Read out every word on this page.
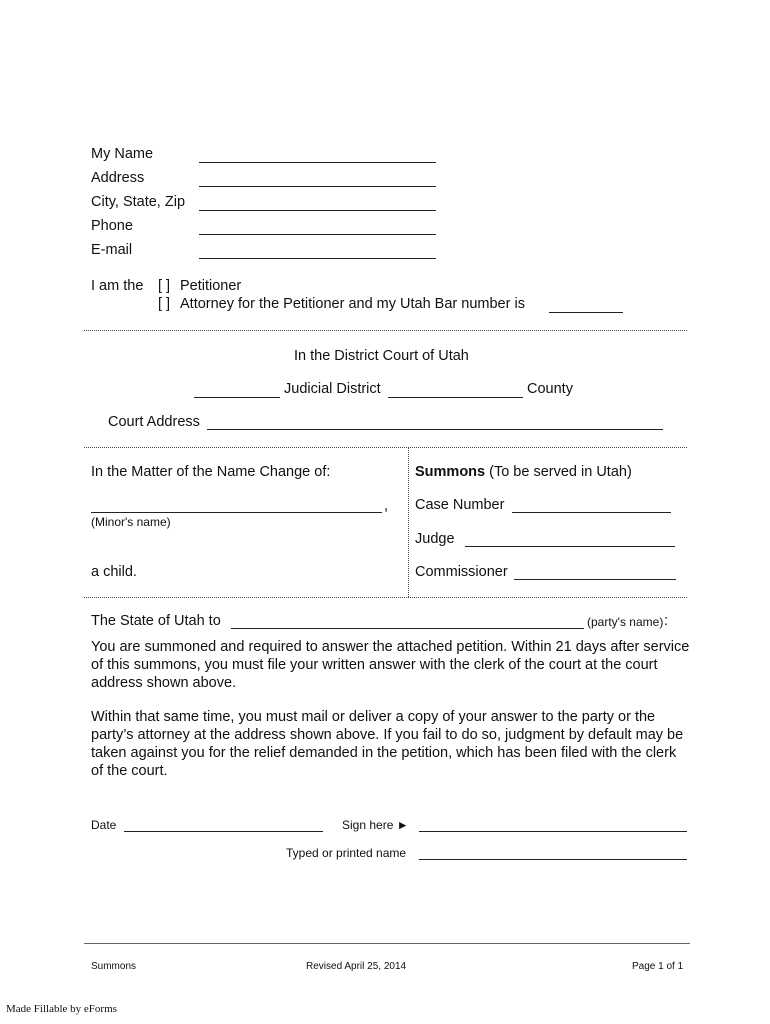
My Name
Address
City, State, Zip
Phone
E-mail
I am the [ ] Petitioner
[ ] Attorney for the Petitioner and my Utah Bar number is
In the District Court of Utah
Judicial District	County
Court Address
In the Matter of the Name Change of:
,
(Minor's name)
a child.
Summons (To be served in Utah)
Case Number
Judge
Commissioner
The State of Utah to	(party's name) :
You are summoned and required to answer the attached petition. Within 21 days after service of this summons, you must file your written answer with the clerk of the court at the court address shown above.
Within that same time, you must mail or deliver a copy of your answer to the party or the party’s attorney at the address shown above. If you fail to do so, judgment by default may be taken against you for the relief demanded in the petition, which has been filed with the clerk of the court.
Date	Sign here ►
Typed or printed name
Summons	Revised April 25, 2014	Page 1 of 1
Made Fillable by eForms
